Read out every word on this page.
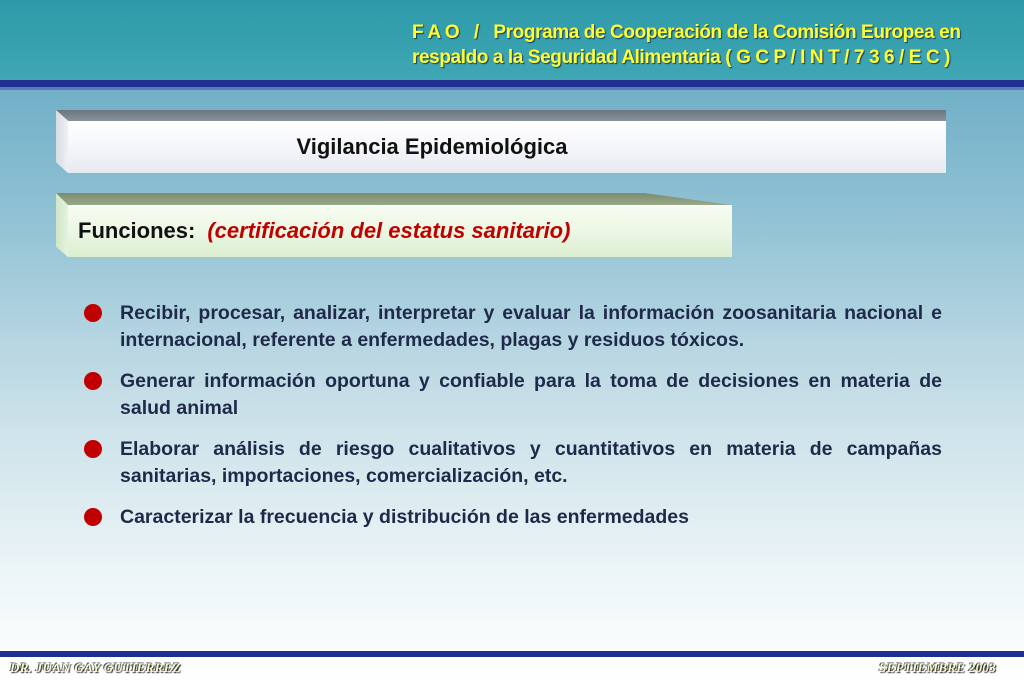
F A O   /   Programa de Cooperación de la Comisión Europea en
respaldo a la Seguridad Alimentaria ( G C P / I N T / 7 3 6 / E C )
Vigilancia Epidemiológica
Funciones: (certificación del estatus sanitario)
Recibir, procesar, analizar, interpretar y evaluar la información zoosanitaria nacional e internacional, referente a enfermedades, plagas y residuos tóxicos.
Generar información oportuna y confiable para la toma de decisiones en materia de salud animal
Elaborar análisis de riesgo cualitativos y cuantitativos en materia de campañas sanitarias, importaciones, comercialización, etc.
Caracterizar la frecuencia y distribución de las enfermedades
DR. JUAN GAY GUTIERREZ	SEPTIEMBRE 2003
